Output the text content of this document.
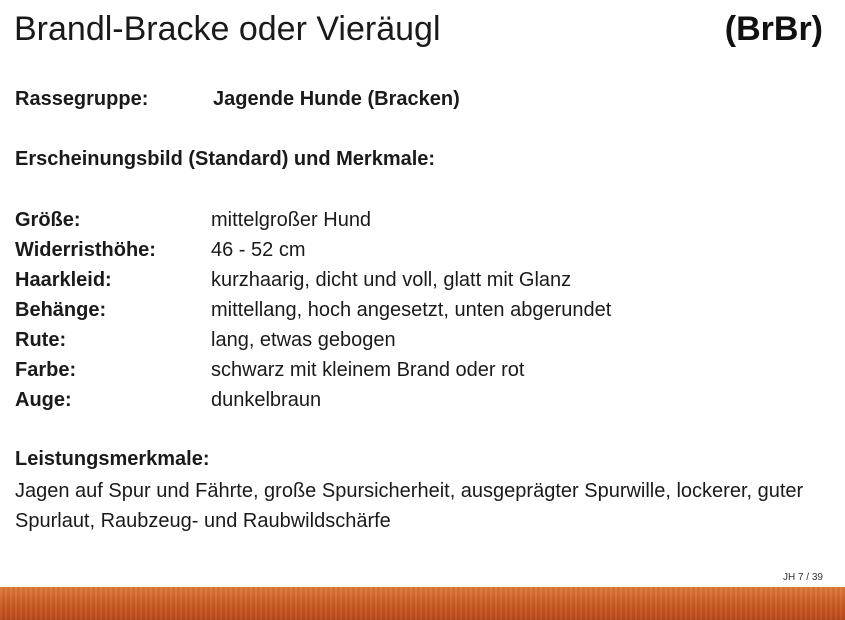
Brandl-Bracke oder Vieräugl	(BrBr)
Rassegruppe:	Jagende Hunde (Bracken)
Erscheinungsbild (Standard) und Merkmale:
Größe:	mittelgroßer Hund
Widerristhöhe:	46 - 52 cm
Haarkleid:	kurzhaarig, dicht und voll, glatt mit Glanz
Behänge:	mittellang, hoch angesetzt, unten abgerundet
Rute:	lang, etwas gebogen
Farbe:	schwarz mit kleinem Brand oder rot
Auge:	dunkelbraun
Leistungsmerkmale:

Jagen auf Spur und Fährte, große Spursicherheit, ausgeprägter Spurwille, lockerer, guter Spurlaut, Raubzeug- und Raubwildschärfe

JH 7 / 39
